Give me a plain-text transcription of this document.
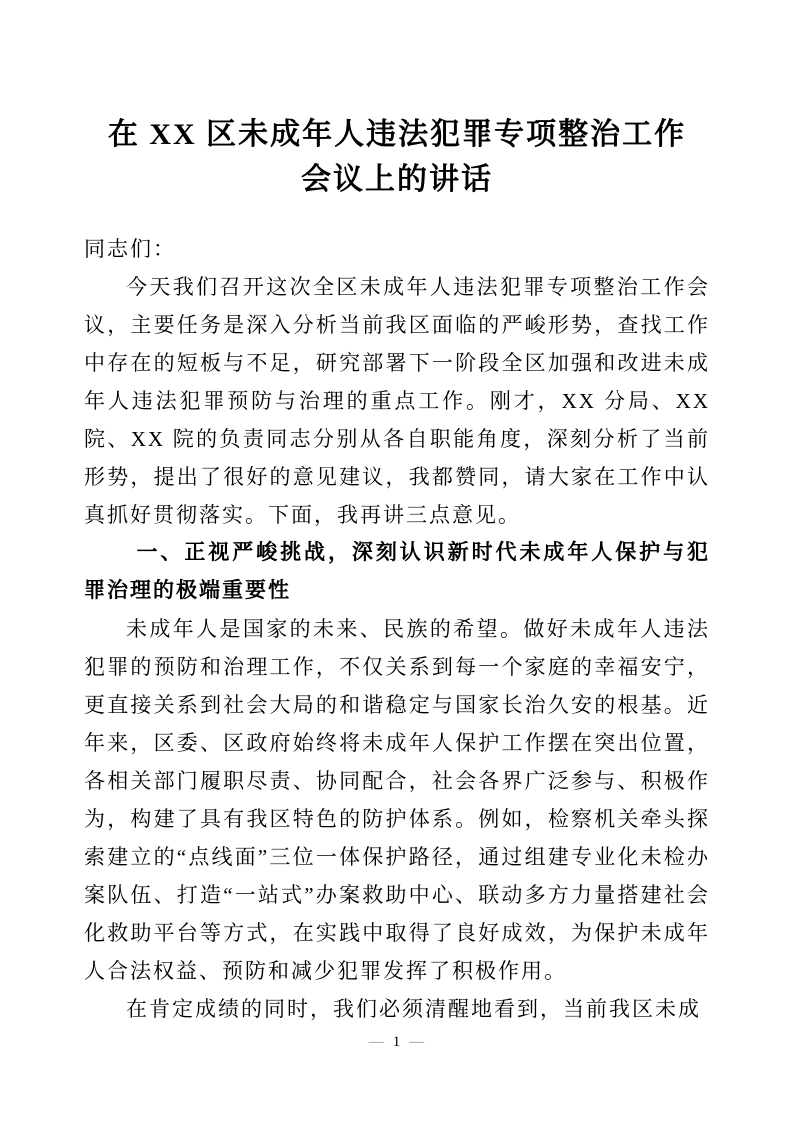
在 XX 区未成年人违法犯罪专项整治工作
会议上的讲话

同志们：

今天我们召开这次全区未成年人违法犯罪专项整治工作会议，主要任务是深入分析当前我区面临的严峻形势，查找工作中存在的短板与不足，研究部署下一阶段全区加强和改进未成年人违法犯罪预防与治理的重点工作。刚才，XX 分局、XX 院、XX 院的负责同志分别从各自职能角度，深刻分析了当前形势，提出了很好的意见建议，我都赞同，请大家在工作中认真抓好贯彻落实。下面，我再讲三点意见。

一、正视严峻挑战，深刻认识新时代未成年人保护与犯罪治理的极端重要性

未成年人是国家的未来、民族的希望。做好未成年人违法犯罪的预防和治理工作，不仅关系到每一个家庭的幸福安宁，更直接关系到社会大局的和谐稳定与国家长治久安的根基。近年来，区委、区政府始终将未成年人保护工作摆在突出位置，各相关部门履职尽责、协同配合，社会各界广泛参与、积极作为，构建了具有我区特色的防护体系。例如，检察机关牵头探索建立的“点线面”三位一体保护路径，通过组建专业化未检办案队伍、打造“一站式”办案救助中心、联动多方力量搭建社会化救助平台等方式，在实践中取得了良好成效，为保护未成年人合法权益、预防和减少犯罪发挥了积极作用。

在肯定成绩的同时，我们必须清醒地看到，当前我区未成

— 1 —
